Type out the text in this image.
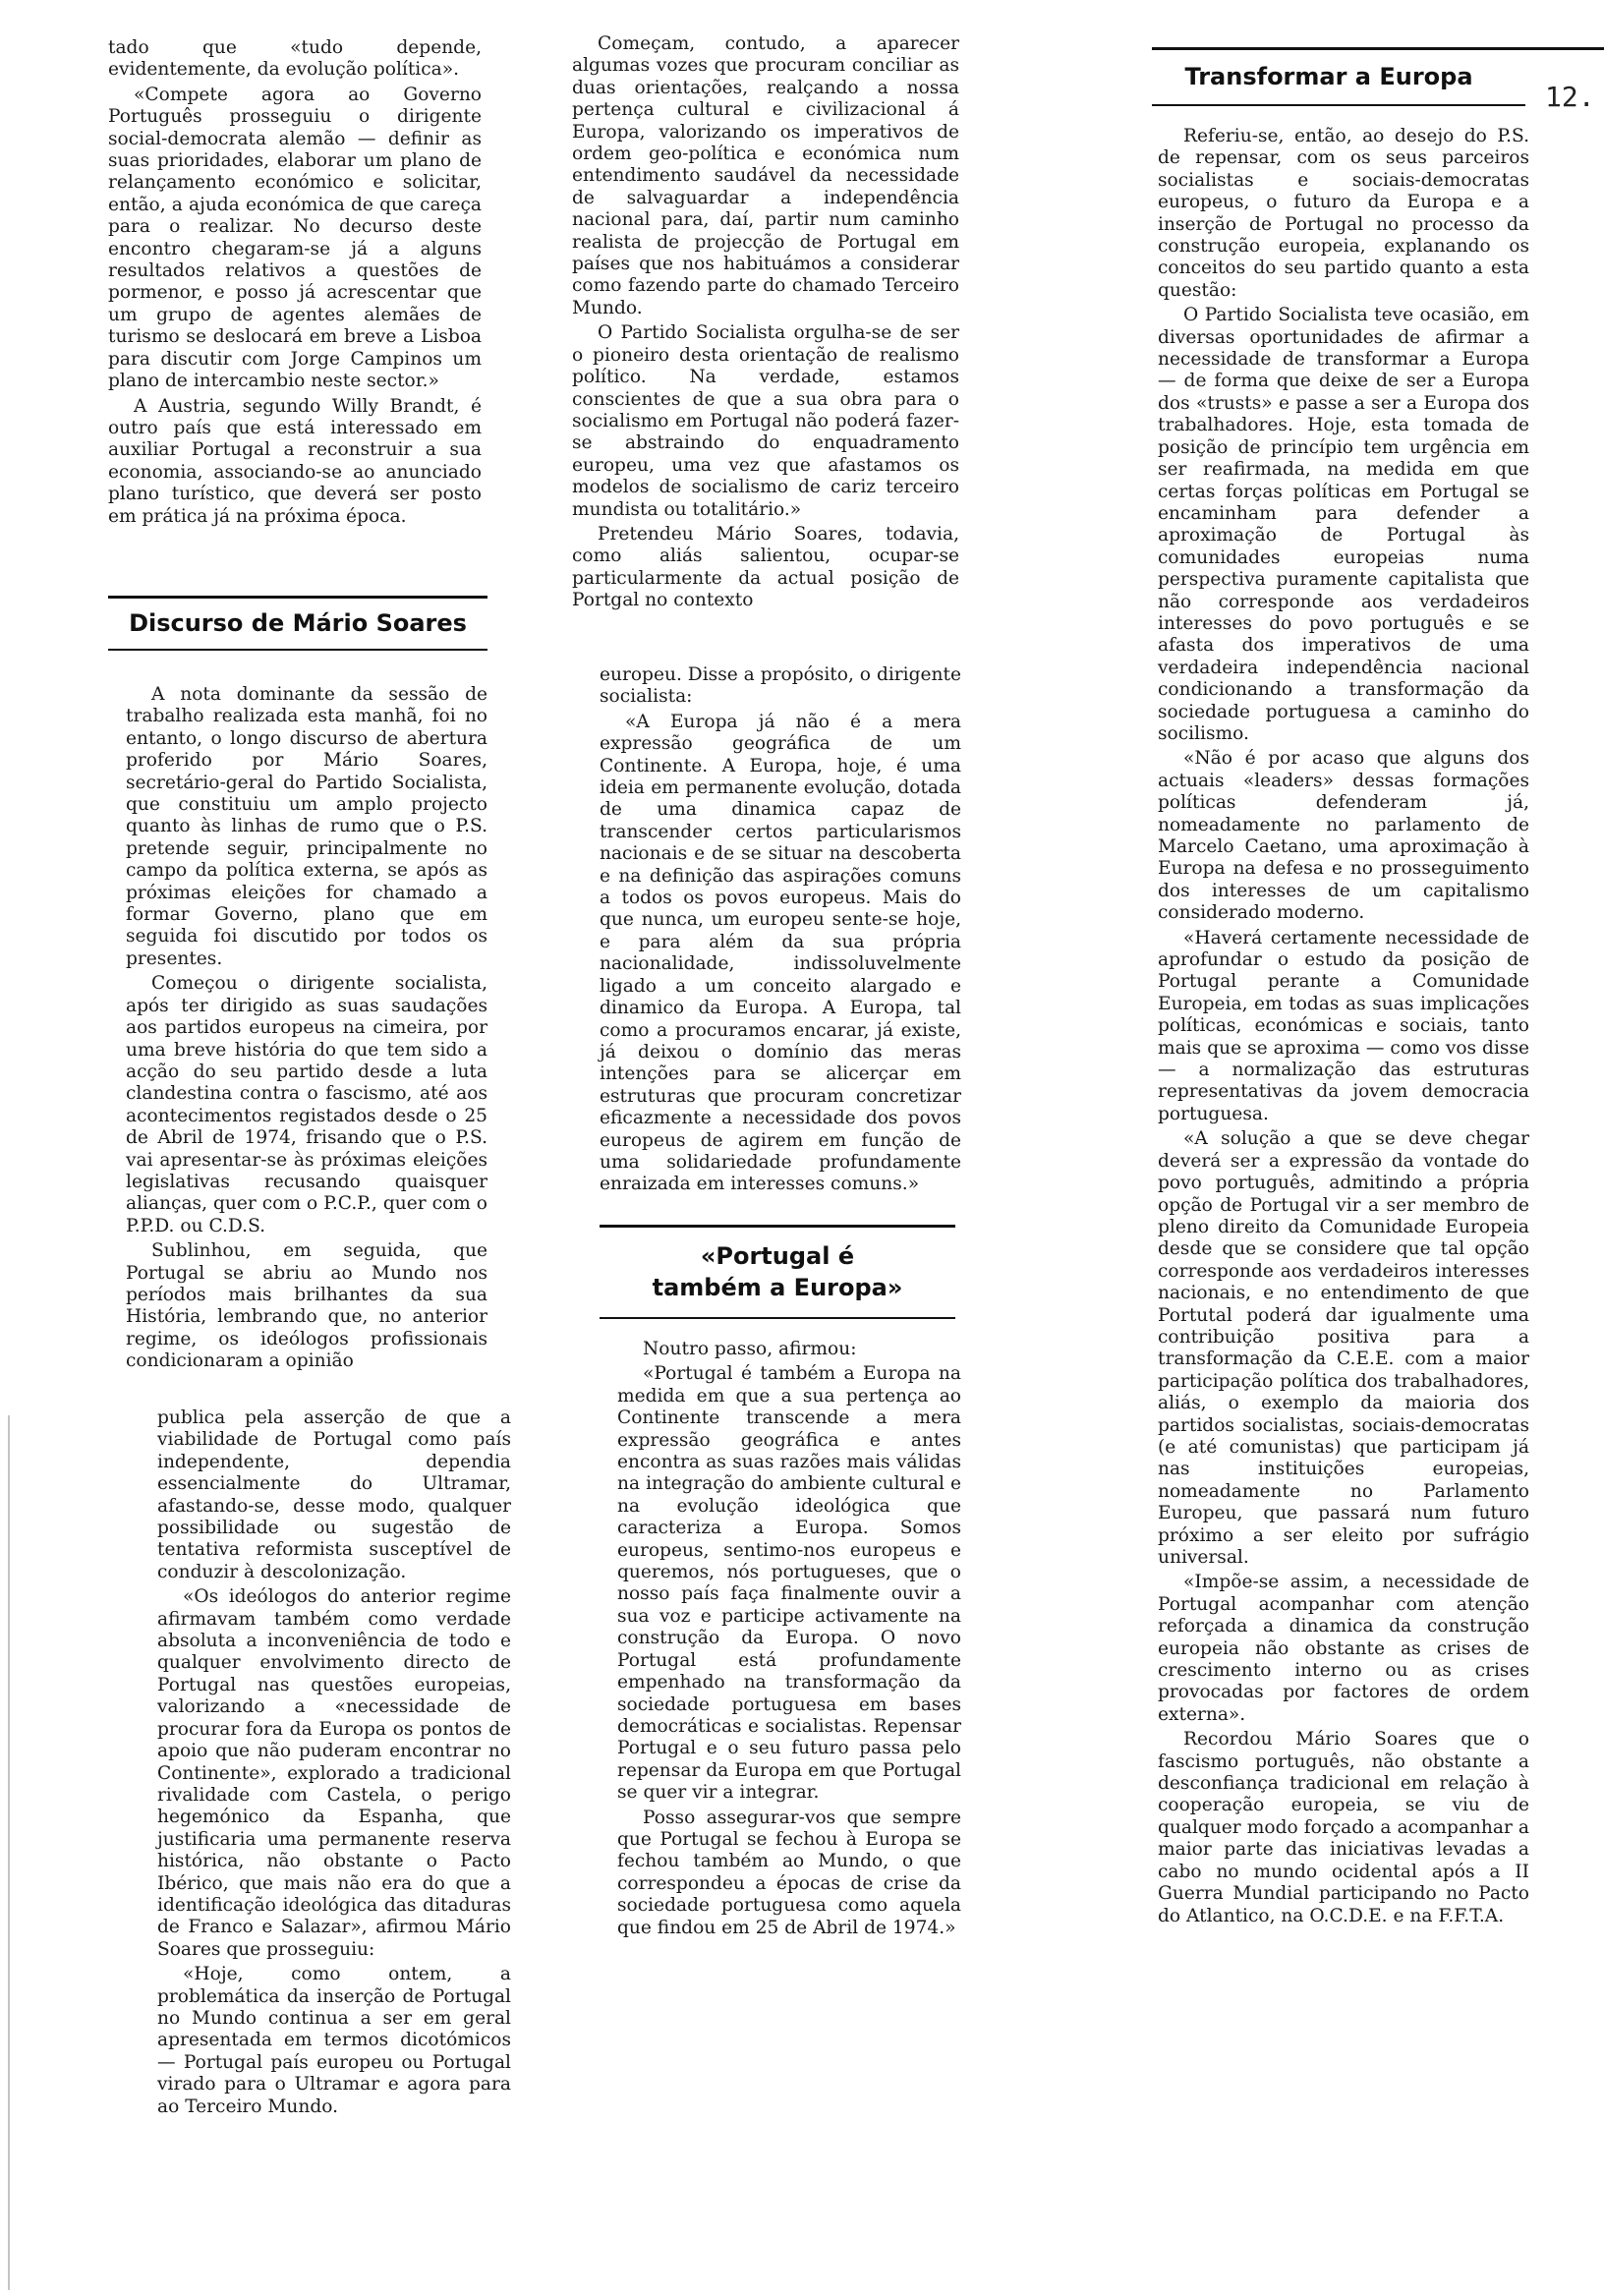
12.

tado que «tudo depende, evidentemente, da evolução política».

«Compete agora ao Governo Português prosseguiu o dirigente social-democrata alemão — definir as suas prioridades, elaborar um plano de relançamento económico e solicitar, então, a ajuda económica de que careça para o realizar. No decurso deste encontro chegaram-se já a alguns resultados relativos a questões de pormenor, e posso já acrescentar que um grupo de agentes alemães de turismo se deslocará em breve a Lisboa para discutir com Jorge Campinos um plano de intercambio neste sector.»

A Austria, segundo Willy Brandt, é outro país que está interessado em auxiliar Portugal a reconstruir a sua economia, associando-se ao anunciado plano turístico, que deverá ser posto em prática já na próxima época.

Discurso de Mário Soares

A nota dominante da sessão de trabalho realizada esta manhã, foi no entanto, o longo discurso de abertura proferido por Mário Soares, secretário-geral do Partido Socialista, que constituiu um amplo projecto quanto às linhas de rumo que o P.S. pretende seguir, principalmente no campo da política externa, se após as próximas eleições for chamado a formar Governo, plano que em seguida foi discutido por todos os presentes.

Começou o dirigente socialista, após ter dirigido as suas saudações aos partidos europeus na cimeira, por uma breve história do que tem sido a acção do seu partido desde a luta clandestina contra o fascismo, até aos acontecimentos registados desde o 25 de Abril de 1974, frisando que o P.S. vai apresentar-se às próximas eleições legislativas recusando quaisquer alianças, quer com o P.C.P., quer com o P.P.D. ou C.D.S.

Sublinhou, em seguida, que Portugal se abriu ao Mundo nos períodos mais brilhantes da sua História, lembrando que, no anterior regime, os ideólogos profissionais condicionaram a opinião

publica pela asserção de que a viabilidade de Portugal como país independente, dependia essencialmente do Ultramar, afastando-se, desse modo, qualquer possibilidade ou sugestão de tentativa reformista susceptível de conduzir à descolonização.

«Os ideólogos do anterior regime afirmavam também como verdade absoluta a inconveniência de todo e qualquer envolvimento directo de Portugal nas questões europeias, valorizando a «necessidade de procurar fora da Europa os pontos de apoio que não puderam encontrar no Continente», explorado a tradicional rivalidade com Castela, o perigo hegemónico da Espanha, que justificaria uma permanente reserva histórica, não obstante o Pacto Ibérico, que mais não era do que a identificação ideológica das ditaduras de Franco e Salazar», afirmou Mário Soares que prosseguiu:

«Hoje, como ontem, a problemática da inserção de Portugal no Mundo continua a ser em geral apresentada em termos dicotómicos — Portugal país europeu ou Portugal virado para o Ultramar e agora para ao Terceiro Mundo.

Começam, contudo, a aparecer algumas vozes que procuram conciliar as duas orientações, realçando a nossa pertença cultural e civilizacional á Europa, valorizando os imperativos de ordem geo-política e económica num entendimento saudável da necessidade de salvaguardar a independência nacional para, daí, partir num caminho realista de projecção de Portugal em países que nos habituámos a considerar como fazendo parte do chamado Terceiro Mundo.

O Partido Socialista orgulha-se de ser o pioneiro desta orientação de realismo político. Na verdade, estamos conscientes de que a sua obra para o socialismo em Portugal não poderá fazer-se abstraindo do enquadramento europeu, uma vez que afastamos os modelos de socialismo de cariz terceiro mundista ou totalitário.»

Pretendeu Mário Soares, todavia, como aliás salientou, ocupar-se particularmente da actual posição de Portgal no contexto

europeu. Disse a propósito, o dirigente socialista:

«A Europa já não é a mera expressão geográfica de um Continente. A Europa, hoje, é uma ideia em permanente evolução, dotada de uma dinamica capaz de transcender certos particularismos nacionais e de se situar na descoberta e na definição das aspirações comuns a todos os povos europeus. Mais do que nunca, um europeu sente-se hoje, e para além da sua própria nacionalidade, indissoluvelmente ligado a um conceito alargado e dinamico da Europa. A Europa, tal como a procuramos encarar, já existe, já deixou o domínio das meras intenções para se alicerçar em estruturas que procuram concretizar eficazmente a necessidade dos povos europeus de agirem em função de uma solidariedade profundamente enraizada em interesses comuns.»

«Portugal é também a Europa»

Noutro passo, afirmou:

«Portugal é também a Europa na medida em que a sua pertença ao Continente transcende a mera expressão geográfica e antes encontra as suas razões mais válidas na integração do ambiente cultural e na evolução ideológica que caracteriza a Europa. Somos europeus, sentimo-nos europeus e queremos, nós portugueses, que o nosso país faça finalmente ouvir a sua voz e participe activamente na construção da Europa. O novo Portugal está profundamente empenhado na transformação da sociedade portuguesa em bases democráticas e socialistas. Repensar Portugal e o seu futuro passa pelo repensar da Europa em que Portugal se quer vir a integrar.

Posso assegurar-vos que sempre que Portugal se fechou à Europa se fechou também ao Mundo, o que correspondeu a épocas de crise da sociedade portuguesa como aquela que findou em 25 de Abril de 1974.»

Transformar a Europa

Referiu-se, então, ao desejo do P.S. de repensar, com os seus parceiros socialistas e sociais-democratas europeus, o futuro da Europa e a inserção de Portugal no processo da construção europeia, explanando os conceitos do seu partido quanto a esta questão:

O Partido Socialista teve ocasião, em diversas oportunidades de afirmar a necessidade de transformar a Europa — de forma que deixe de ser a Europa dos «trusts» e passe a ser a Europa dos trabalhadores. Hoje, esta tomada de posição de princípio tem urgência em ser reafirmada, na medida em que certas forças políticas em Portugal se encaminham para defender a aproximação de Portugal às comunidades europeias numa perspectiva puramente capitalista que não corresponde aos verdadeiros interesses do povo português e se afasta dos imperativos de uma verdadeira independência nacional condicionando a transformação da sociedade portuguesa a caminho do socilismo.

«Não é por acaso que alguns dos actuais «leaders» dessas formações políticas defenderam já, nomeadamente no parlamento de Marcelo Caetano, uma aproximação à Europa na defesa e no prosseguimento dos interesses de um capitalismo considerado moderno.

«Haverá certamente necessidade de aprofundar o estudo da posição de Portugal perante a Comunidade Europeia, em todas as suas implicações políticas, económicas e sociais, tanto mais que se aproxima — como vos disse — a normalização das estruturas representativas da jovem democracia portuguesa.

«A solução a que se deve chegar deverá ser a expressão da vontade do povo português, admitindo a própria opção de Portugal vir a ser membro de pleno direito da Comunidade Europeia desde que se considere que tal opção corresponde aos verdadeiros interesses nacionais, e no entendimento de que Portutal poderá dar igualmente uma contribuição positiva para a transformação da C.E.E. com a maior participação política dos trabalhadores, aliás, o exemplo da maioria dos partidos socialistas, sociais-democratas (e até comunistas) que participam já nas instituições europeias, nomeadamente no Parlamento Europeu, que passará num futuro próximo a ser eleito por sufrágio universal.

«Impõe-se assim, a necessidade de Portugal acompanhar com atenção reforçada a dinamica da construção europeia não obstante as crises de crescimento interno ou as crises provocadas por factores de ordem externa».

Recordou Mário Soares que o fascismo português, não obstante a desconfiança tradicional em relação à cooperação europeia, se viu de qualquer modo forçado a acompanhar a maior parte das iniciativas levadas a cabo no mundo ocidental após a II Guerra Mundial participando no Pacto do Atlantico, na O.C.D.E. e na F.F.T.A.
